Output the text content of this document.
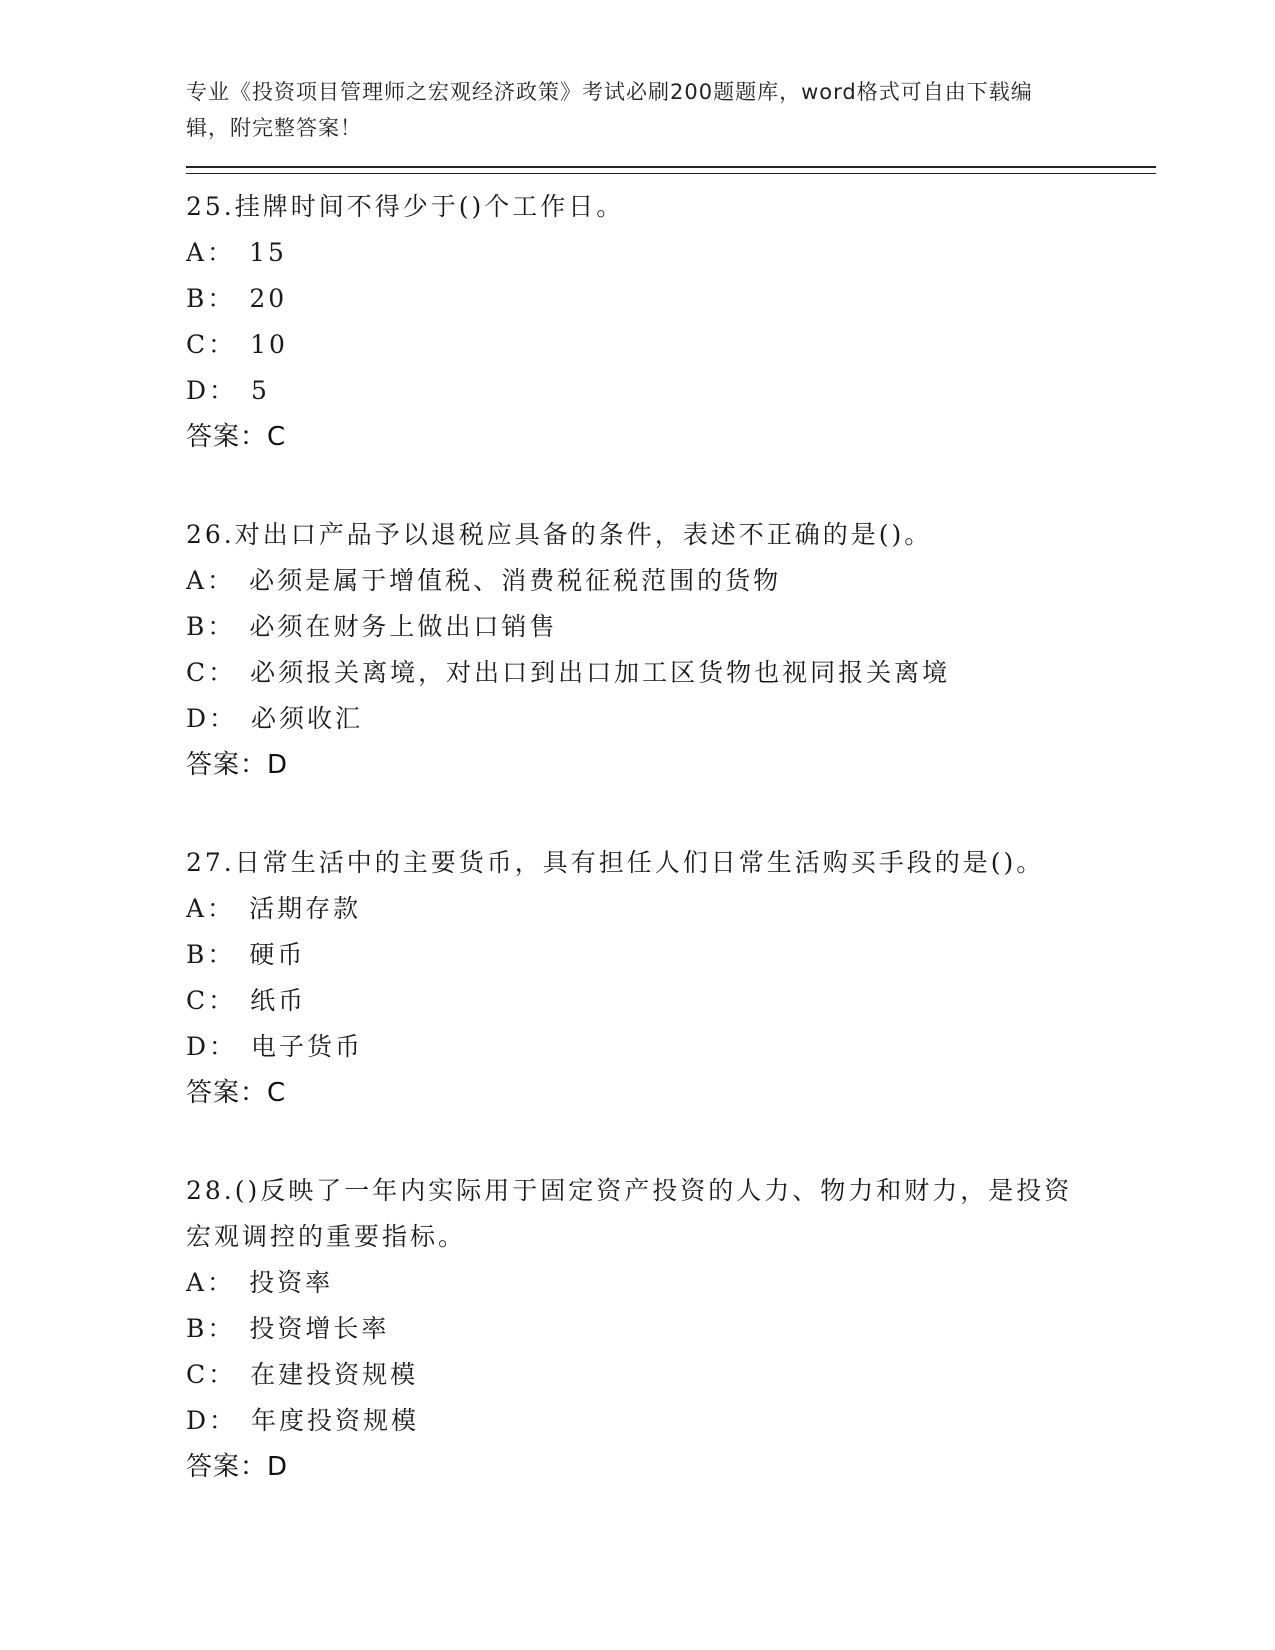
专业《投资项目管理师之宏观经济政策》考试必刷200题题库，word格式可自由下载编辑，附完整答案！
25.挂牌时间不得少于()个工作日。
A： 15
B： 20
C： 10
D： 5
答案：C
26.对出口产品予以退税应具备的条件，表述不正确的是()。
A： 必须是属于增值税、消费税征税范围的货物
B： 必须在财务上做出口销售
C： 必须报关离境，对出口到出口加工区货物也视同报关离境
D： 必须收汇
答案：D
27.日常生活中的主要货币，具有担任人们日常生活购买手段的是()。
A： 活期存款
B： 硬币
C： 纸币
D： 电子货币
答案：C
28.()反映了一年内实际用于固定资产投资的人力、物力和财力，是投资宏观调控的重要指标。
A： 投资率
B： 投资增长率
C： 在建投资规模
D： 年度投资规模
答案：D
